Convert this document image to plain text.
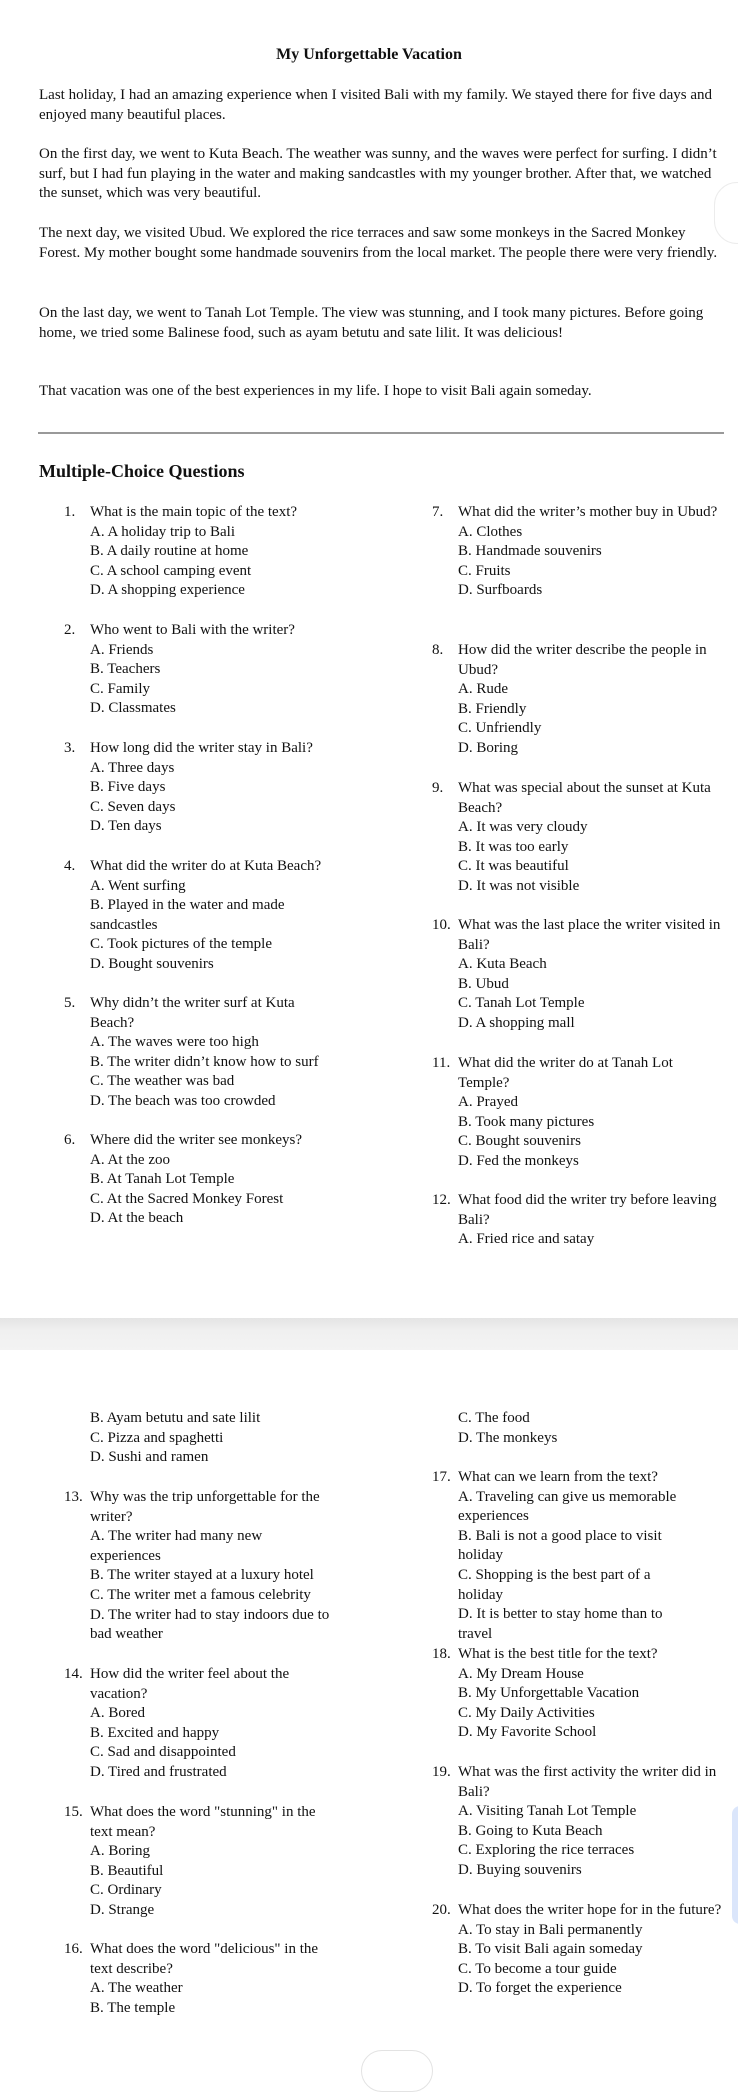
My Unforgettable Vacation

Last holiday, I had an amazing experience when I visited Bali with my family. We stayed there for five days and enjoyed many beautiful places.

On the first day, we went to Kuta Beach. The weather was sunny, and the waves were perfect for surfing. I didn’t surf, but I had fun playing in the water and making sandcastles with my younger brother. After that, we watched the sunset, which was very beautiful.

The next day, we visited Ubud. We explored the rice terraces and saw some monkeys in the Sacred Monkey Forest. My mother bought some handmade souvenirs from the local market. The people there were very friendly.

On the last day, we went to Tanah Lot Temple. The view was stunning, and I took many pictures. Before going home, we tried some Balinese food, such as ayam betutu and sate lilit. It was delicious!

That vacation was one of the best experiences in my life. I hope to visit Bali again someday.

Multiple-Choice Questions
1. What is the main topic of the text?
A. A holiday trip to Bali
B. A daily routine at home
C. A school camping event
D. A shopping experience
2. Who went to Bali with the writer?
A. Friends
B. Teachers
C. Family
D. Classmates
3. How long did the writer stay in Bali?
A. Three days
B. Five days
C. Seven days
D. Ten days
4. What did the writer do at Kuta Beach?
A. Went surfing
B. Played in the water and made sandcastles
C. Took pictures of the temple
D. Bought souvenirs
5. Why didn’t the writer surf at Kuta Beach?
A. The waves were too high
B. The writer didn’t know how to surf
C. The weather was bad
D. The beach was too crowded
6. Where did the writer see monkeys?
A. At the zoo
B. At Tanah Lot Temple
C. At the Sacred Monkey Forest
D. At the beach
7. What did the writer’s mother buy in Ubud?
A. Clothes
B. Handmade souvenirs
C. Fruits
D. Surfboards
8. How did the writer describe the people in Ubud?
A. Rude
B. Friendly
C. Unfriendly
D. Boring
9. What was special about the sunset at Kuta Beach?
A. It was very cloudy
B. It was too early
C. It was beautiful
D. It was not visible
10. What was the last place the writer visited in Bali?
A. Kuta Beach
B. Ubud
C. Tanah Lot Temple
D. A shopping mall
11. What did the writer do at Tanah Lot Temple?
A. Prayed
B. Took many pictures
C. Bought souvenirs
D. Fed the monkeys
12. What food did the writer try before leaving Bali?
A. Fried rice and satay
B. Ayam betutu and sate lilit
C. Pizza and spaghetti
D. Sushi and ramen
C. The food
D. The monkeys
13. Why was the trip unforgettable for the writer?
A. The writer had many new experiences
B. The writer stayed at a luxury hotel
C. The writer met a famous celebrity
D. The writer had to stay indoors due to bad weather
14. How did the writer feel about the vacation?
A. Bored
B. Excited and happy
C. Sad and disappointed
D. Tired and frustrated
15. What does the word "stunning" in the text mean?
A. Boring
B. Beautiful
C. Ordinary
D. Strange
16. What does the word "delicious" in the text describe?
A. The weather
B. The temple
17. What can we learn from the text?
A. Traveling can give us memorable experiences
B. Bali is not a good place to visit holiday
C. Shopping is the best part of a holiday
D. It is better to stay home than to travel
18. What is the best title for the text?
A. My Dream House
B. My Unforgettable Vacation
C. My Daily Activities
D. My Favorite School
19. What was the first activity the writer did in Bali?
A. Visiting Tanah Lot Temple
B. Going to Kuta Beach
C. Exploring the rice terraces
D. Buying souvenirs
20. What does the writer hope for in the future?
A. To stay in Bali permanently
B. To visit Bali again someday
C. To become a tour guide
D. To forget the experience
